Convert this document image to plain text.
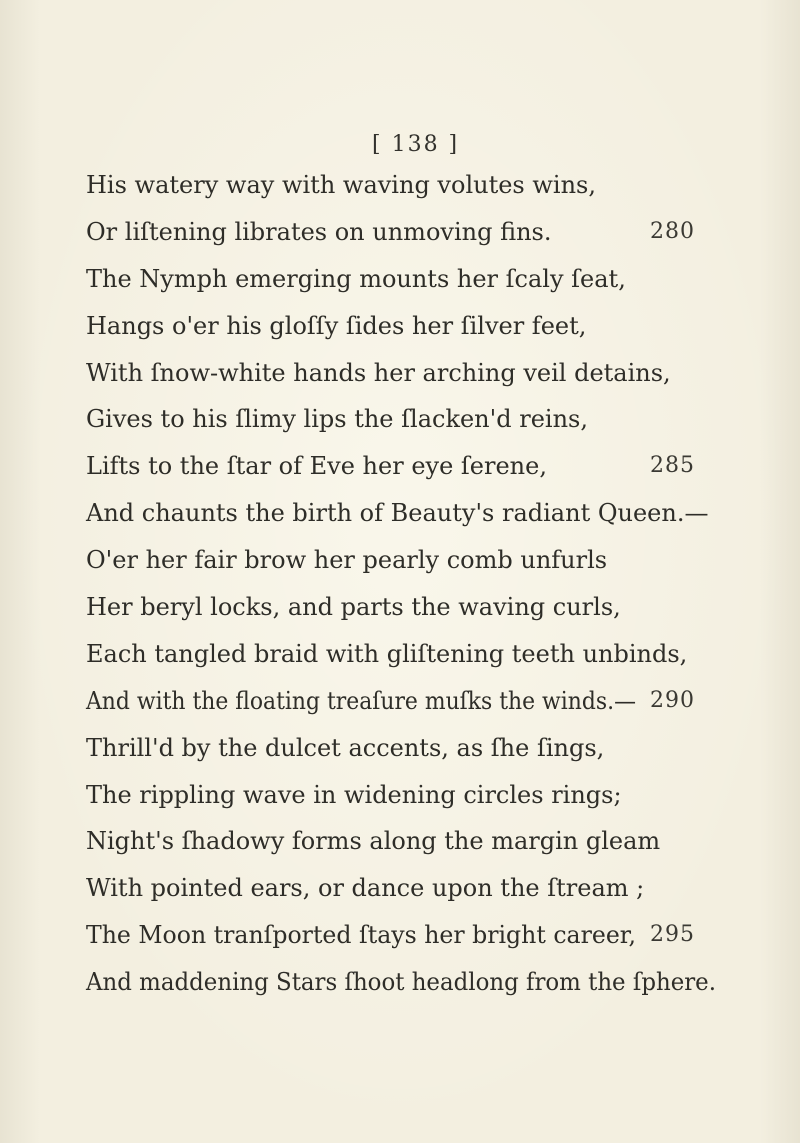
[ 138 ]
His watery way with waving volutes wins,
Or liſtening librates on unmoving fins.	280
The Nymph emerging mounts her ſcaly ſeat,
Hangs o'er his gloſſy ſides her ſilver feet,
With ſnow-white hands her arching veil detains,
Gives to his ſlimy lips the ſlacken'd reins,
Lifts to the ſtar of Eve her eye ſerene,	285
And chaunts the birth of Beauty's radiant Queen.—
O'er her fair brow her pearly comb unfurls
Her beryl locks, and parts the waving curls,
Each tangled braid with gliſtening teeth unbinds,
And with the floating treaſure muſks the winds.— 290
Thrill'd by the dulcet accents, as ſhe ſings,
The rippling wave in widening circles rings;
Night's ſhadowy forms along the margin gleam
With pointed ears, or dance upon the ſtream ;
The Moon tranſported ſtays her bright career, 295
And maddening Stars ſhoot headlong from the ſphere.
